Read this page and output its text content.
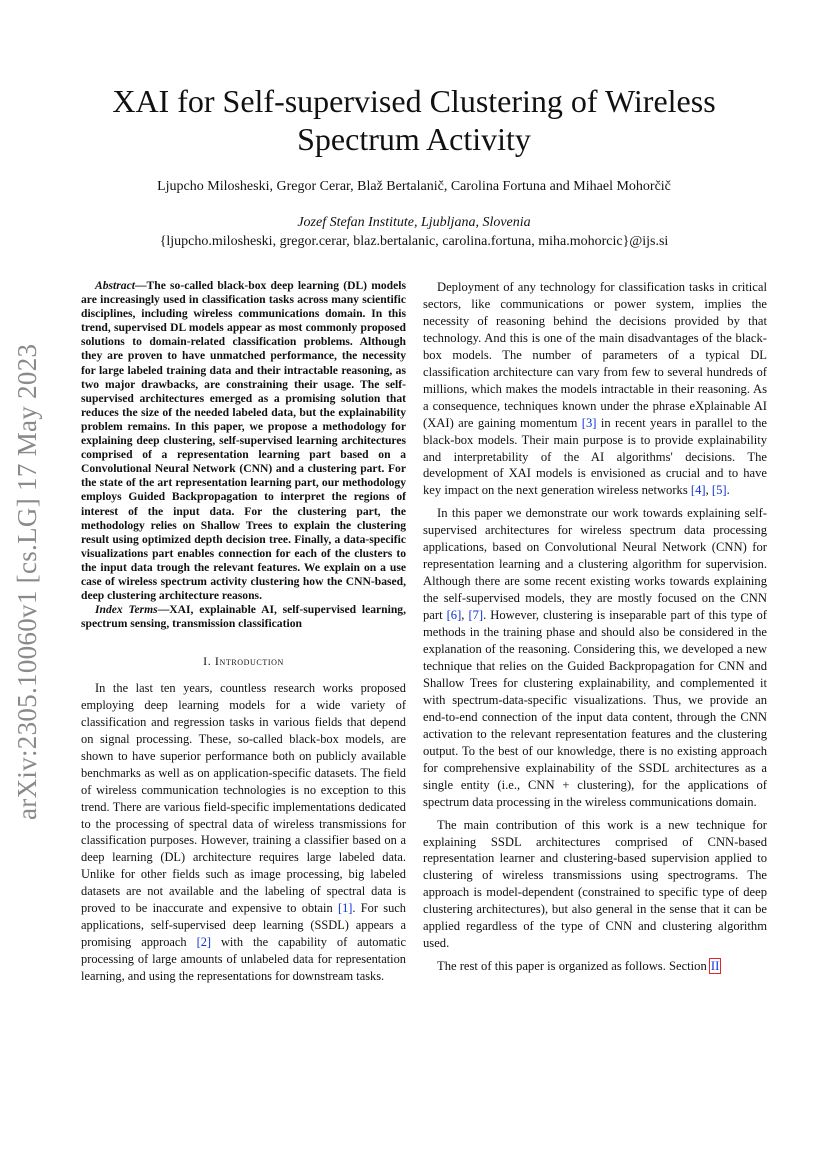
arXiv:2305.10060v1 [cs.LG] 17 May 2023
XAI for Self-supervised Clustering of Wireless
Spectrum Activity
Ljupcho Milosheski, Gregor Cerar, Blaž Bertalanič, Carolina Fortuna and Mihael Mohorčič
Jozef Stefan Institute, Ljubljana, Slovenia
{ljupcho.milosheski, gregor.cerar, blaz.bertalanic, carolina.fortuna, miha.mohorcic}@ijs.si

Abstract—The so-called black-box deep learning (DL) models are increasingly used in classification tasks across many scientific disciplines, including wireless communications domain. In this trend, supervised DL models appear as most commonly proposed solutions to domain-related classification problems. Although they are proven to have unmatched performance, the necessity for large labeled training data and their intractable reasoning, as two major drawbacks, are constraining their usage. The self-supervised architectures emerged as a promising solution that reduces the size of the needed labeled data, but the explainability problem remains. In this paper, we propose a methodology for explaining deep clustering, self-supervised learning architectures comprised of a representation learning part based on a Convolutional Neural Network (CNN) and a clustering part. For the state of the art representation learning part, our methodology employs Guided Backpropagation to interpret the regions of interest of the input data. For the clustering part, the methodology relies on Shallow Trees to explain the clustering result using optimized depth decision tree. Finally, a data-specific visualizations part enables connection for each of the clusters to the input data trough the relevant features. We explain on a use case of wireless spectrum activity clustering how the CNN-based, deep clustering architecture reasons.

Index Terms—XAI, explainable AI, self-supervised learning, spectrum sensing, transmission classification

I. Introduction

In the last ten years, countless research works proposed employing deep learning models for a wide variety of classification and regression tasks in various fields that depend on signal processing. These, so-called black-box models, are shown to have superior performance both on publicly available benchmarks as well as on application-specific datasets. The field of wireless communication technologies is no exception to this trend. There are various field-specific implementations dedicated to the processing of spectral data of wireless transmissions for classification purposes. However, training a classifier based on a deep learning (DL) architecture requires large labeled data. Unlike for other fields such as image processing, big labeled datasets are not available and the labeling of spectral data is proved to be inaccurate and expensive to obtain [1]. For such applications, self-supervised deep learning (SSDL) appears a promising approach [2] with the capability of automatic processing of large amounts of unlabeled data for representation learning, and using the representations for downstream tasks.

Deployment of any technology for classification tasks in critical sectors, like communications or power system, implies the necessity of reasoning behind the decisions provided by that technology. And this is one of the main disadvantages of the black-box models. The number of parameters of a typical DL classification architecture can vary from few to several hundreds of millions, which makes the models intractable in their reasoning. As a consequence, techniques known under the phrase eXplainable AI (XAI) are gaining momentum [3] in recent years in parallel to the black-box models. Their main purpose is to provide explainability and interpretability of the AI algorithms' decisions. The development of XAI models is envisioned as crucial and to have key impact on the next generation wireless networks [4], [5].

In this paper we demonstrate our work towards explaining self-supervised architectures for wireless spectrum data processing applications, based on Convolutional Neural Network (CNN) for representation learning and a clustering algorithm for supervision. Although there are some recent existing works towards explaining the self-supervised models, they are mostly focused on the CNN part [6], [7]. However, clustering is inseparable part of this type of methods in the training phase and should also be considered in the explanation of the reasoning. Considering this, we developed a new technique that relies on the Guided Backpropagation for CNN and Shallow Trees for clustering explainability, and complemented it with spectrum-data-specific visualizations. Thus, we provide an end-to-end connection of the input data content, through the CNN activation to the relevant representation features and the clustering output. To the best of our knowledge, there is no existing approach for comprehensive explainability of the SSDL architectures as a single entity (i.e., CNN + clustering), for the applications of spectrum data processing in the wireless communications domain.

The main contribution of this work is a new technique for explaining SSDL architectures comprised of CNN-based representation learner and clustering-based supervision applied to clustering of wireless transmissions using spectrograms. The approach is model-dependent (constrained to specific type of deep clustering architectures), but also general in the sense that it can be applied regardless of the type of CNN and clustering algorithm used.

The rest of this paper is organized as follows. Section II
